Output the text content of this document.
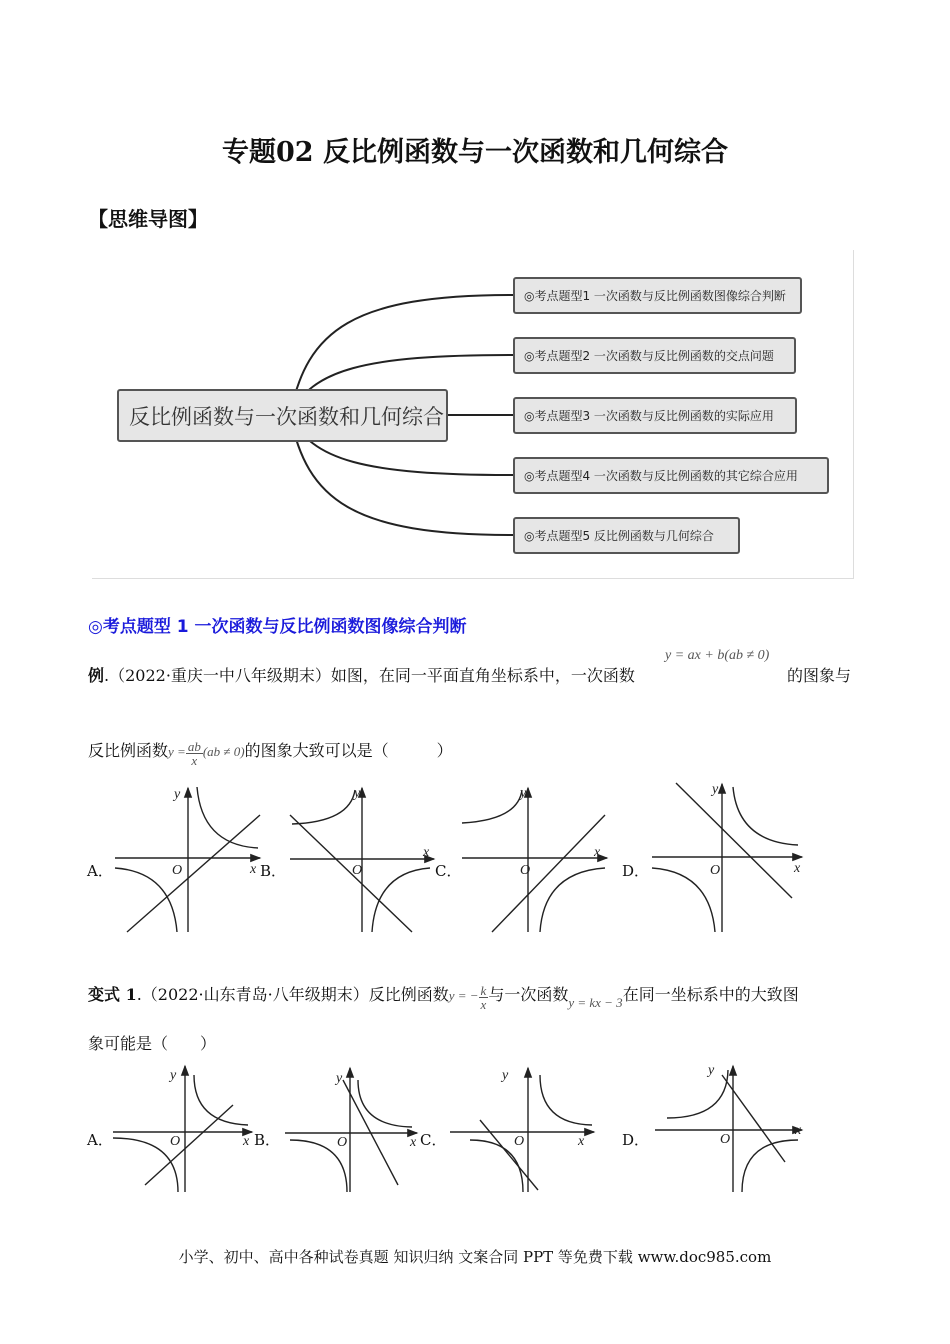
专题02 反比例函数与一次函数和几何综合
【思维导图】
反比例函数与一次函数和几何综合
◎考点题型1 一次函数与反比例函数图像综合判断
◎考点题型2 一次函数与反比例函数的交点问题
◎考点题型3 一次函数与反比例函数的实际应用
◎考点题型4 一次函数与反比例函数的其它综合应用
◎考点题型5 反比例函数与几何综合
◎考点题型 1 一次函数与反比例函数图像综合判断
例.（2022·重庆一中八年级期末）如图，在同一平面直角坐标系中，一次函数
y = ax + b(ab ≠ 0)
的图象与
反比例函数$y = \frac{ab}{x} (ab \ne 0)$的图象大致可以是（　　　）
A．	B．	C．	D．
变式 1.（2022·山东青岛·八年级期末）反比例函数y = − $\frac{k}{x}$ 与一次函数$_{y = kx - 3}$在同一坐标系中的大致图
象可能是（　　）
A．	B．	C．	D．
y
O	x
y
O
x
y
O
x
y
O	x
y
O	x
y
O	x
y
O	x
y
O
x
小学、初中、高中各种试卷真题 知识归纳 文案合同 PPT 等免费下载 www.doc985.com
